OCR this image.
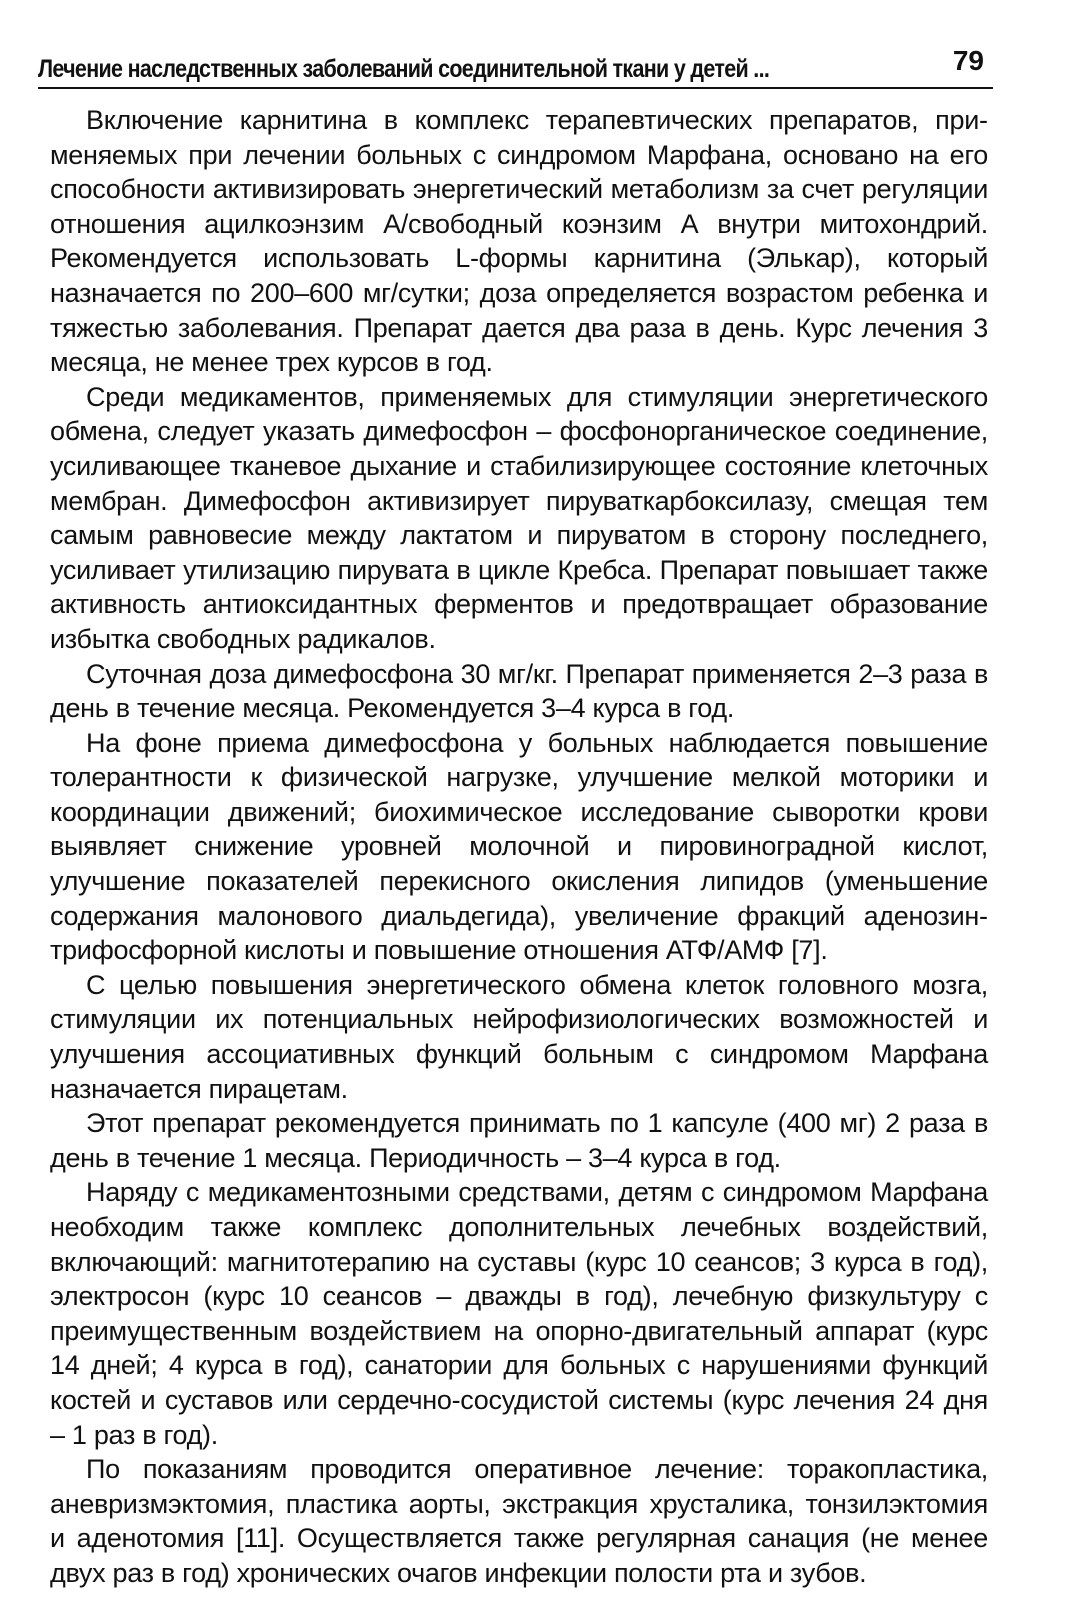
Лечение наследственных заболеваний соединительной ткани у детей ...	79

Включение карнитина в комплекс терапевтических препаратов, применяемых при лечении больных с синдромом Марфана, основано на его способности активизировать энергетический метаболизм за счет регуляции отношения ацилкоэнзим А/свободный коэнзим А внутри митохондрий. Рекомендуется использовать L-формы карнитина (Элькар), который назначается по 200–600 мг/сутки; доза определяется возрастом ребенка и тяжестью заболевания. Препарат дается два раза в день. Курс лечения 3 месяца, не менее трех курсов в год.

Среди медикаментов, применяемых для стимуляции энергетического обмена, следует указать димефосфон – фосфонорганическое соединение, усиливающее тканевое дыхание и стабилизирующее состояние клеточных мембран. Димефосфон активизирует пируваткарбоксилазу, смещая тем самым равновесие между лактатом и пируватом в сторону последнего, усиливает утилизацию пирувата в цикле Кребса. Препарат повышает также активность антиоксидантных ферментов и предотвращает образование избытка свободных радикалов.

Суточная доза димефосфона 30 мг/кг. Препарат применяется 2–3 раза в день в течение месяца. Рекомендуется 3–4 курса в год.

На фоне приема димефосфона у больных наблюдается повышение толерантности к физической нагрузке, улучшение мелкой моторики и координации движений; биохимическое исследование сыворотки крови выявляет снижение уровней молочной и пировиноградной кислот, улучшение показателей перекисного окисления липидов (уменьшение содержания малонового диальдегида), увеличение фракций аденозинтрифосфорной кислоты и повышение отношения АТФ/АМФ [7].

С целью повышения энергетического обмена клеток головного мозга, стимуляции их потенциальных нейрофизиологических возможностей и улучшения ассоциативных функций больным с синдромом Марфана назначается пирацетам.

Этот препарат рекомендуется принимать по 1 капсуле (400 мг) 2 раза в день в течение 1 месяца. Периодичность – 3–4 курса в год.

Наряду с медикаментозными средствами, детям с синдромом Марфана необходим также комплекс дополнительных лечебных воздействий, включающий: магнитотерапию на суставы (курс 10 сеансов; 3 курса в год), электросон (курс 10 сеансов – дважды в год), лечебную физкультуру с преимущественным воздействием на опорно-двигательный аппарат (курс 14 дней; 4 курса в год), санатории для больных с нарушениями функций костей и суставов или сердечно-сосудистой системы (курс лечения 24 дня – 1 раз в год).

По показаниям проводится оперативное лечение: торакопластика, аневризмэктомия, пластика аорты, экстракция хрусталика, тонзилэктомия и аденотомия [11]. Осуществляется также регулярная санация (не менее двух раз в год) хронических очагов инфекции полости рта и зубов.
